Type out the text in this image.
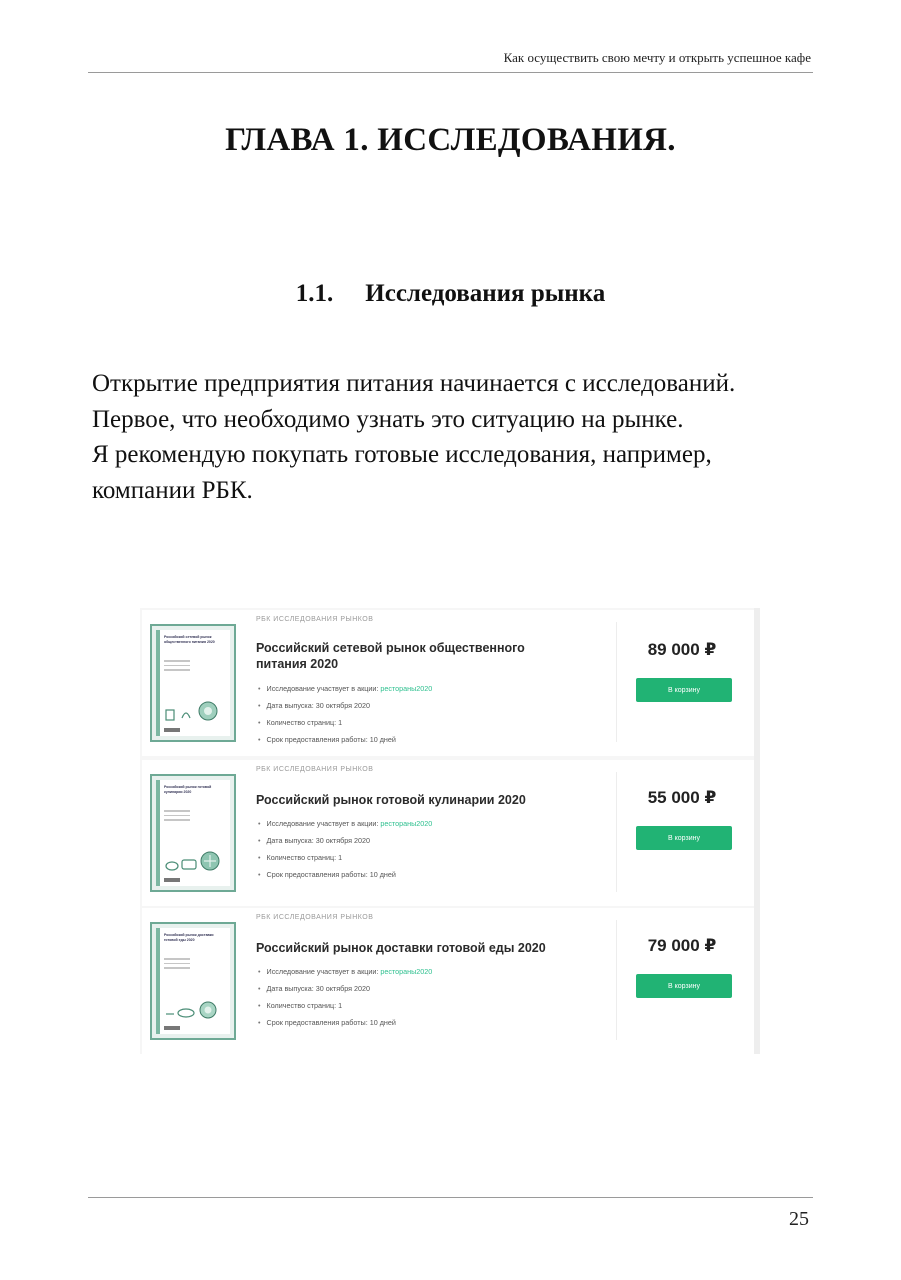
Как осуществить свою мечту и открыть успешное кафе
ГЛАВА 1. ИССЛЕДОВАНИЯ.
1.1. Исследования рынка

Открытие предприятия питания начинается с исследований.

Первое, что необходимо узнать это ситуацию на рынке.

Я рекомендую покупать готовые исследования, например, компании РБК.

Российский сетевой рынок общественного питания 2020
РБК ИССЛЕДОВАНИЯ РЫНКОВ
Российский сетевой рынок общественного питания 2020
• Исследование участвует в акции: рестораны2020
• Дата выпуска: 30 октября 2020
• Количество страниц: 1
• Срок предоставления работы: 10 дней
89 000 ₽
В корзину
Российский рынок готовой кулинарии 2020
РБК ИССЛЕДОВАНИЯ РЫНКОВ
Российский рынок готовой кулинарии 2020
• Исследование участвует в акции: рестораны2020
• Дата выпуска: 30 октября 2020
• Количество страниц: 1
• Срок предоставления работы: 10 дней
55 000 ₽
В корзину
Российский рынок доставки готовой еды 2020
РБК ИССЛЕДОВАНИЯ РЫНКОВ
Российский рынок доставки готовой еды 2020
• Исследование участвует в акции: рестораны2020
• Дата выпуска: 30 октября 2020
• Количество страниц: 1
• Срок предоставления работы: 10 дней
79 000 ₽
В корзину
25
